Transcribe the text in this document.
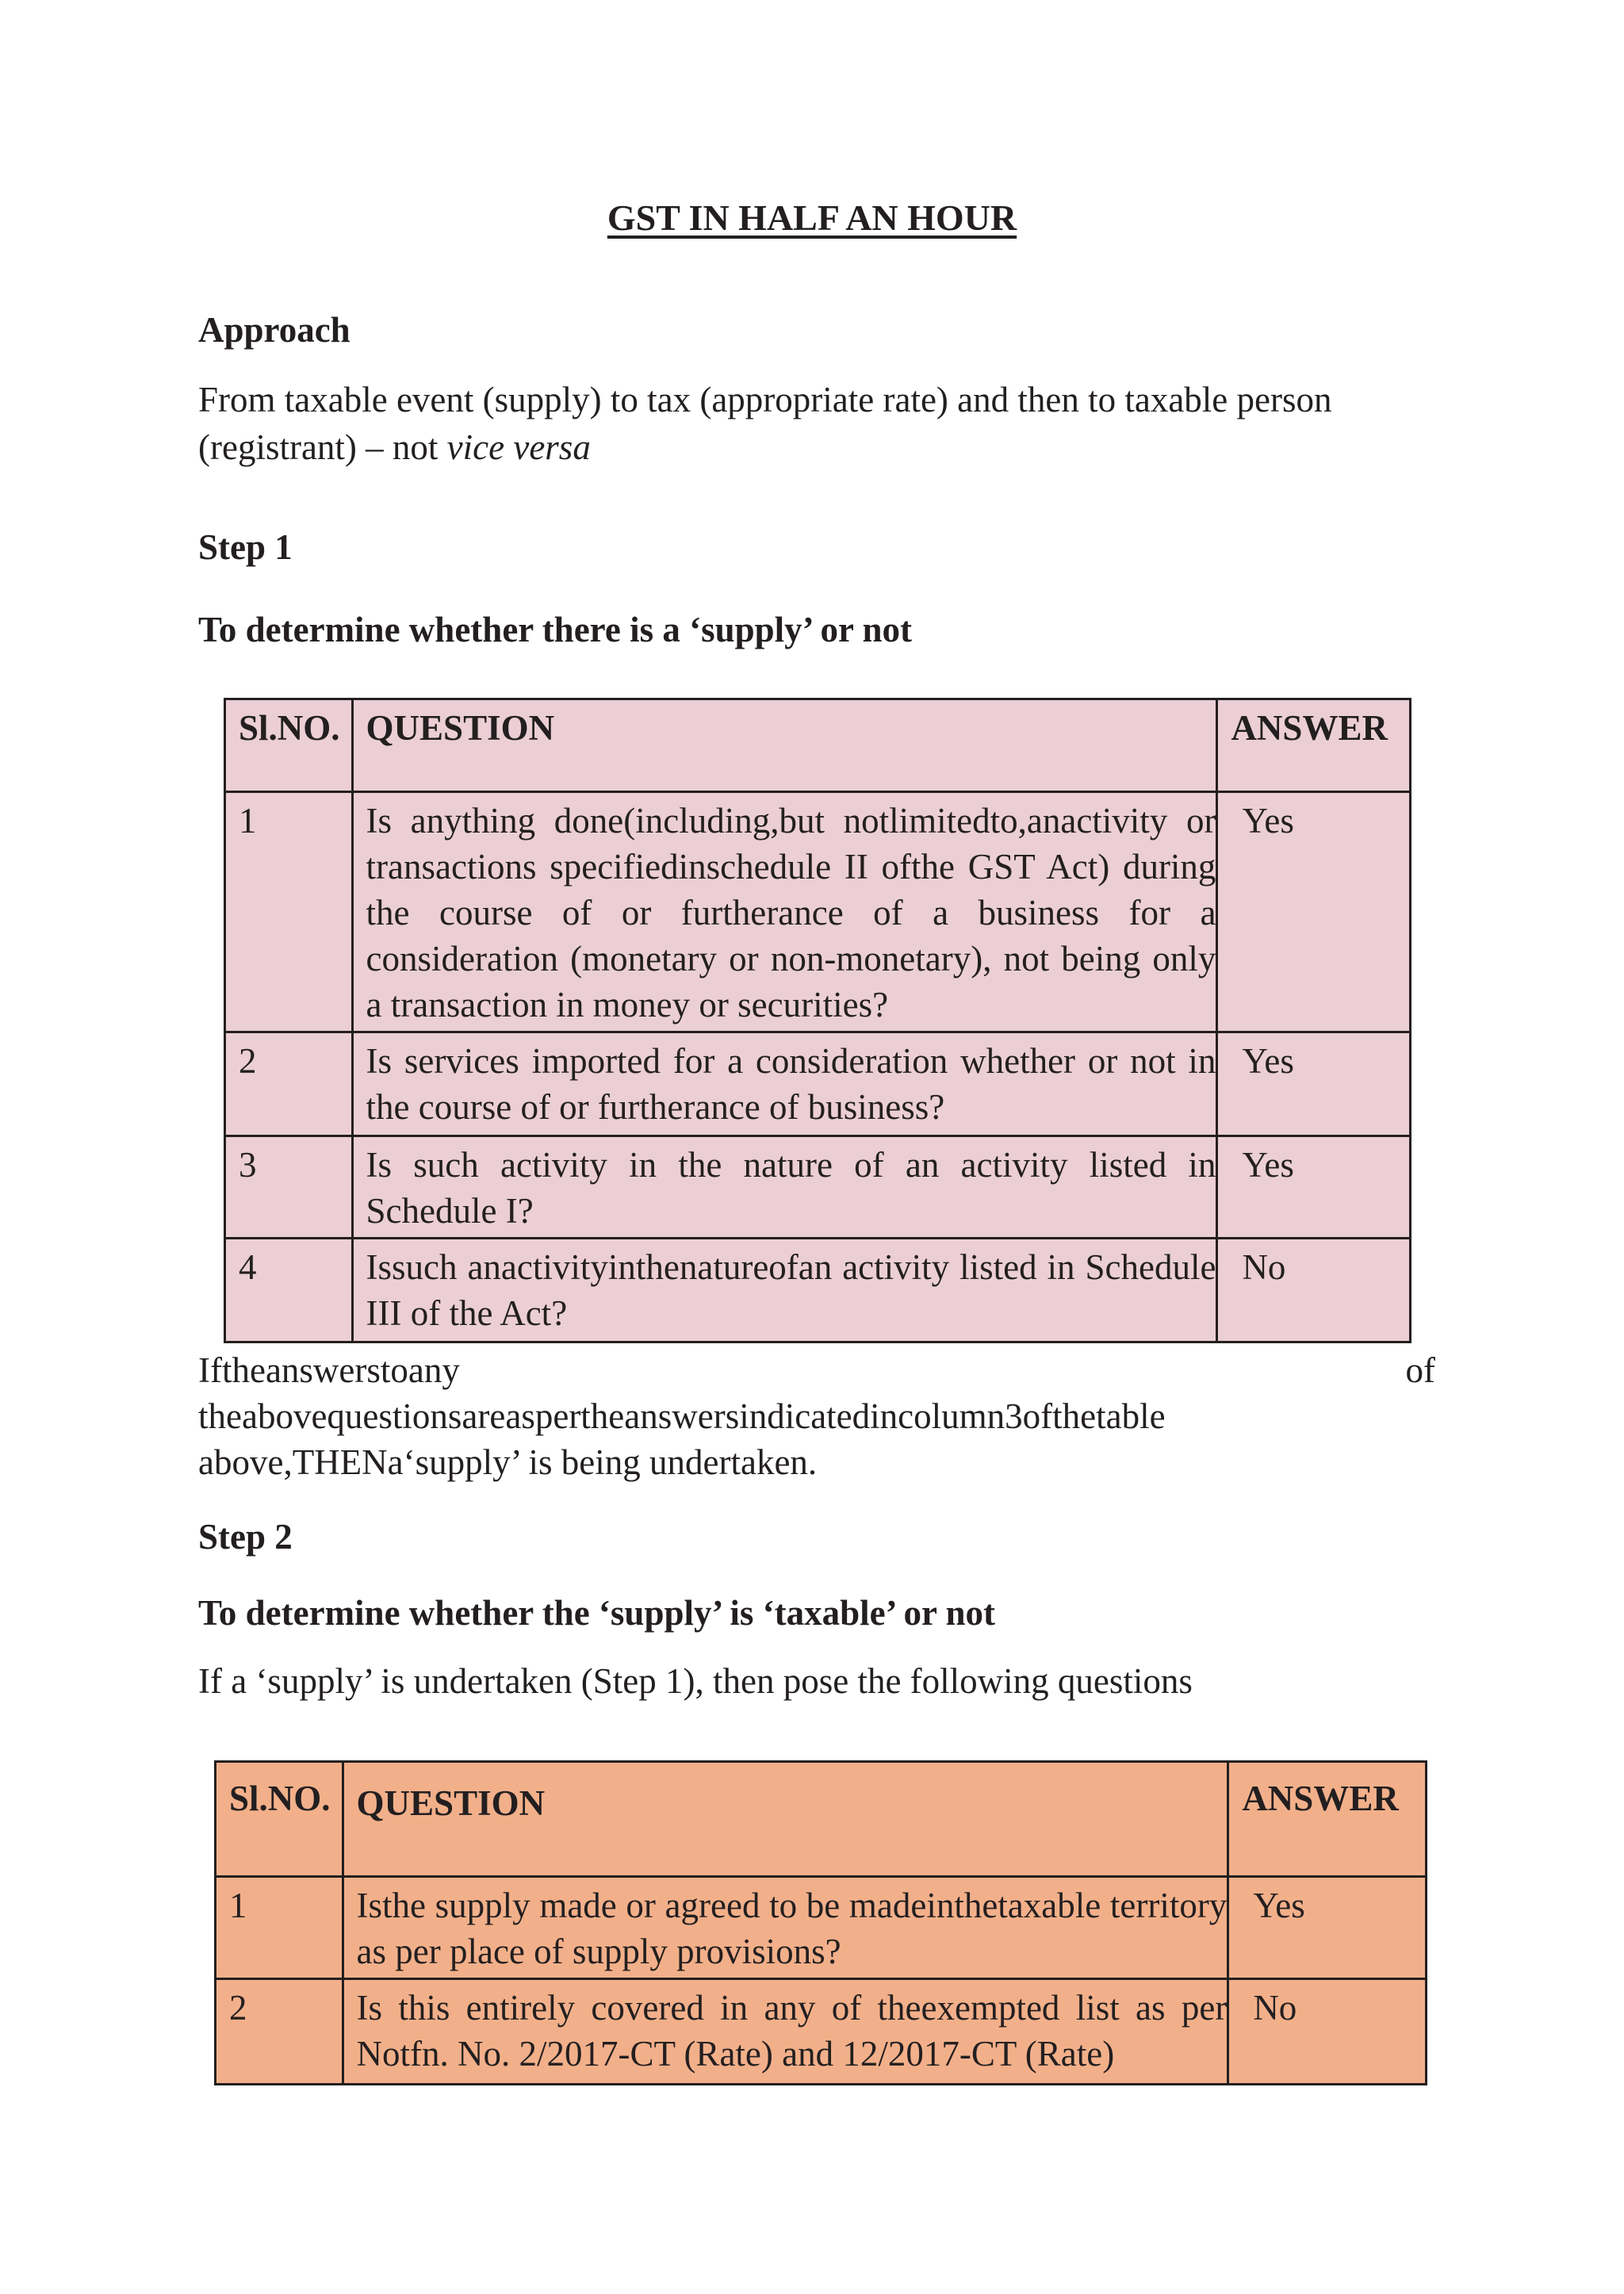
GST IN HALF AN HOUR
Approach

From taxable event (supply) to tax (appropriate rate) and then to taxable person (registrant) – not vice versa

Step 1
To determine whether there is a ‘supply’ or not
Sl.NO.	QUESTION	ANSWER
1	Is anything done(including,but notlimitedto,anactivity or transactions specifiedinschedule II ofthe GST Act) during the course of or furtherance of a business for a consideration (monetary or non-monetary), not being only a transaction in money or securities?	Yes
2	Is services imported for a consideration whether or not in the course of or furtherance of business?	Yes
3	Is such activity in the nature of an activity listed in Schedule I?	Yes
4	Issuch anactivityinthenatureofan activity listed in Schedule III of the Act?	No
Iftheanswerstoany	of

theabovequestionsareaspertheanswersindicatedincolumn3ofthetable

above,THENa‘supply’ is being undertaken.

Step 2
To determine whether the ‘supply’ is ‘taxable’ or not

If a ‘supply’ is undertaken (Step 1), then pose the following questions

Sl.NO.	QUESTION	ANSWER
1	Isthe supply made or agreed to be madeinthetaxable territory as per place of supply provisions?	Yes
2	Is this entirely covered in any of theexempted list as per Notfn. No. 2/2017-CT (Rate) and 12/2017-CT (Rate)	No
